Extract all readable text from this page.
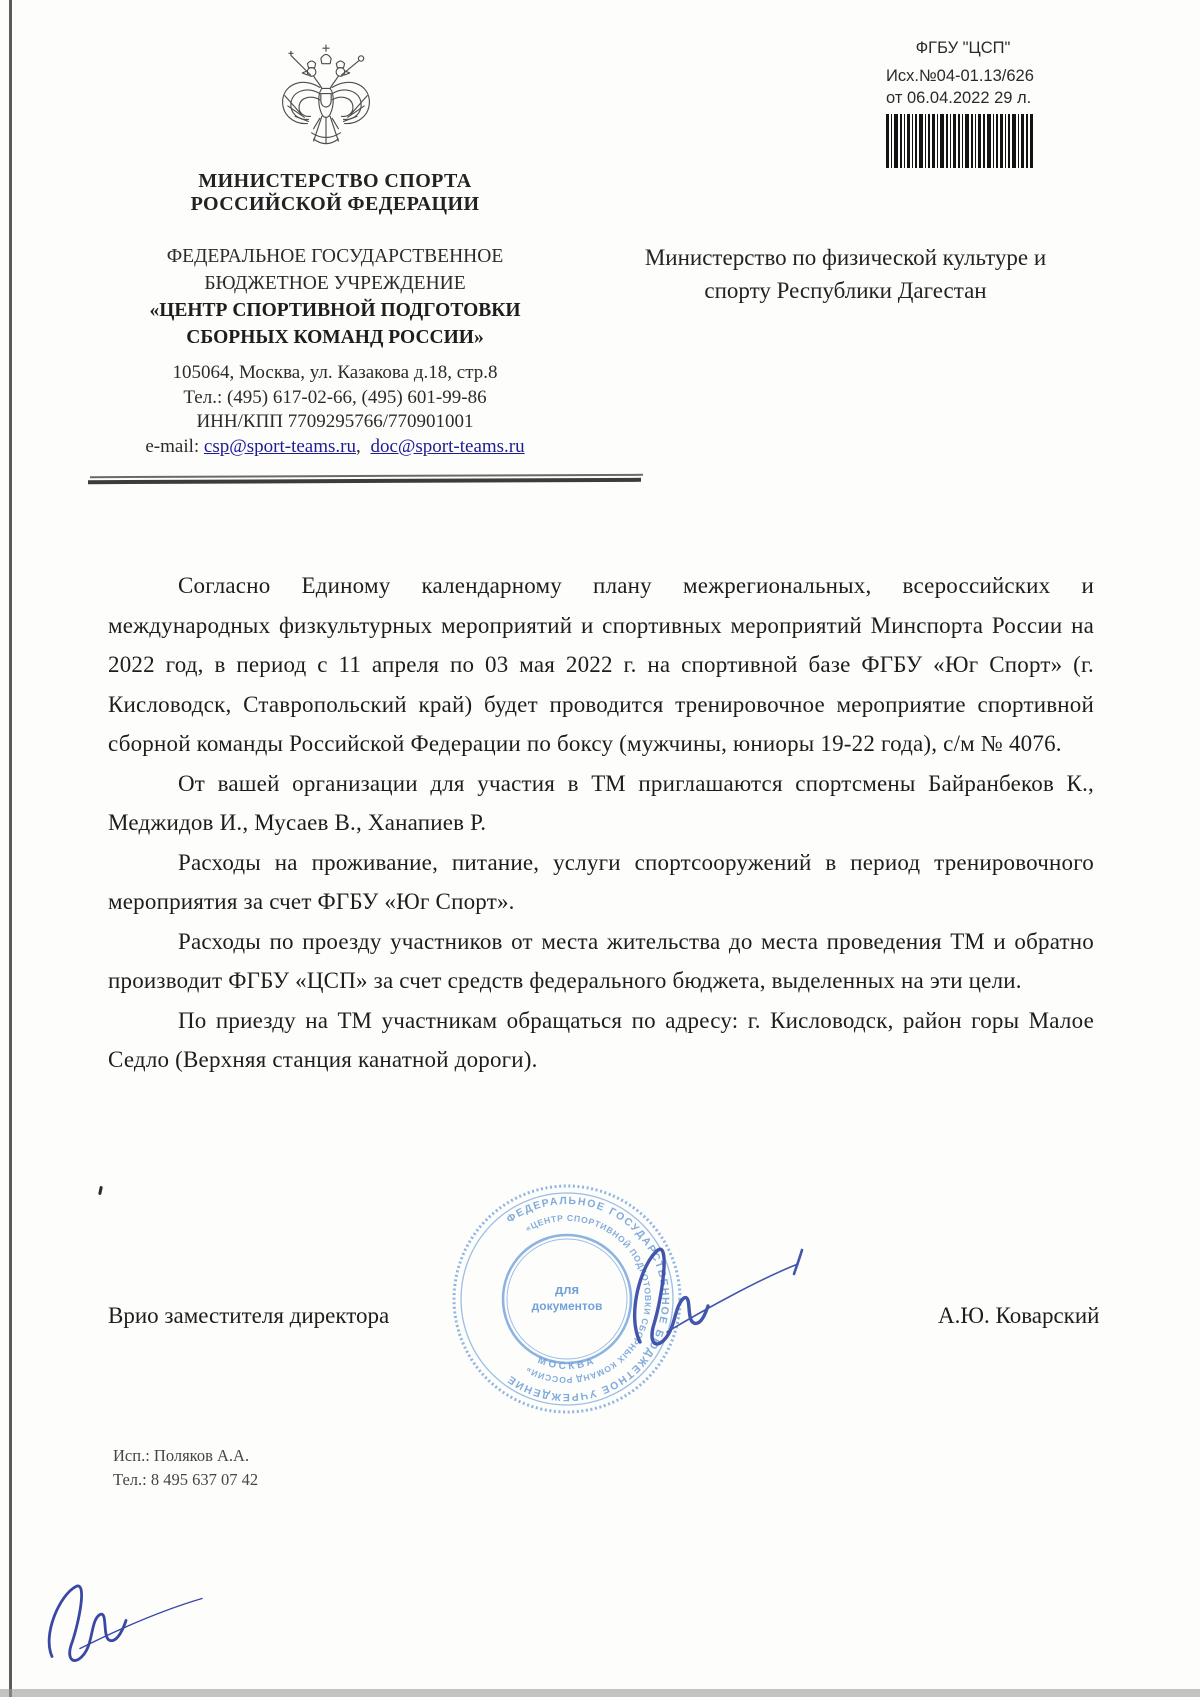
ФГБУ "ЦСП"
Исх.№04-01.13/626
от 06.04.2022 29 л.
МИНИСТЕРСТВО СПОРТА
РОССИЙСКОЙ ФЕДЕРАЦИИ
ФЕДЕРАЛЬНОЕ ГОСУДАРСТВЕННОЕ
БЮДЖЕТНОЕ УЧРЕЖДЕНИЕ
«ЦЕНТР СПОРТИВНОЙ ПОДГОТОВКИ
СБОРНЫХ КОМАНД РОССИИ»
105064, Москва, ул. Казакова д.18, стр.8
Тел.: (495) 617-02-66, (495) 601-99-86
ИНН/КПП 7709295766/770901001
e-mail: csp@sport-teams.ru, doc@sport-teams.ru
Министерство по физической культуре и
спорту Республики Дагестан

Согласно Единому календарному плану межрегиональных, всероссийских и международных физкультурных мероприятий и спортивных мероприятий Минспорта России на 2022 год, в период с 11 апреля по 03 мая 2022 г. на спортивной базе ФГБУ «Юг Спорт» (г. Кисловодск, Ставропольский край) будет проводится тренировочное мероприятие спортивной сборной команды Российской Федерации по боксу (мужчины, юниоры 19-22 года), с/м № 4076.

От вашей организации для участия в ТМ приглашаются спортсмены Байранбеков К., Меджидов И., Мусаев В., Ханапиев Р.

Расходы на проживание, питание, услуги спортсооружений в период тренировочного мероприятия за счет ФГБУ «Юг Спорт».

Расходы по проезду участников от места жительства до места проведения ТМ и обратно производит ФГБУ «ЦСП» за счет средств федерального бюджета, выделенных на эти цели.

По приезду на ТМ участникам обращаться по адресу: г. Кисловодск, район горы Малое Седло (Верхняя станция канатной дороги).

Врио заместителя директора	А.Ю. Коварский
ФЕДЕРАЛЬНОЕ ГОСУДАРСТВЕННОЕ БЮДЖЕТНОЕ УЧРЕЖДЕНИЕ
«ЦЕНТР СПОРТИВНОЙ ПОДГОТОВКИ СБОРНЫХ КОМАНД РОССИИ»
МОСКВА
для
документов
Исп.: Поляков А.А.
Тел.: 8 495 637 07 42
